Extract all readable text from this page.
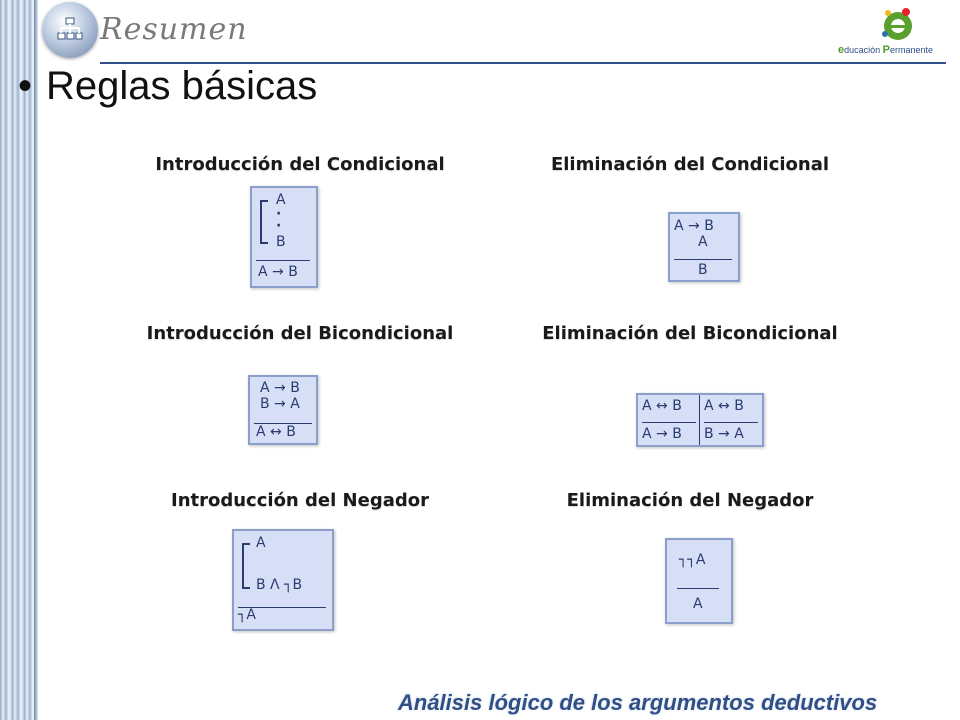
Resumen
educación Permanente
• Reglas básicas
Introducción del Condicional	Eliminación del Condicional
A
·
·
B
A → B
A → B
A
B
Introducción del Bicondicional	Eliminación del Bicondicional
A → B
B → A
A ↔ B
A ↔ B
A → B
A ↔ B
B → A
Introducción del Negador	Eliminación del Negador
A
B Λ ┐B
┐A
┐┐A
A
Análisis lógico de los argumentos deductivos
